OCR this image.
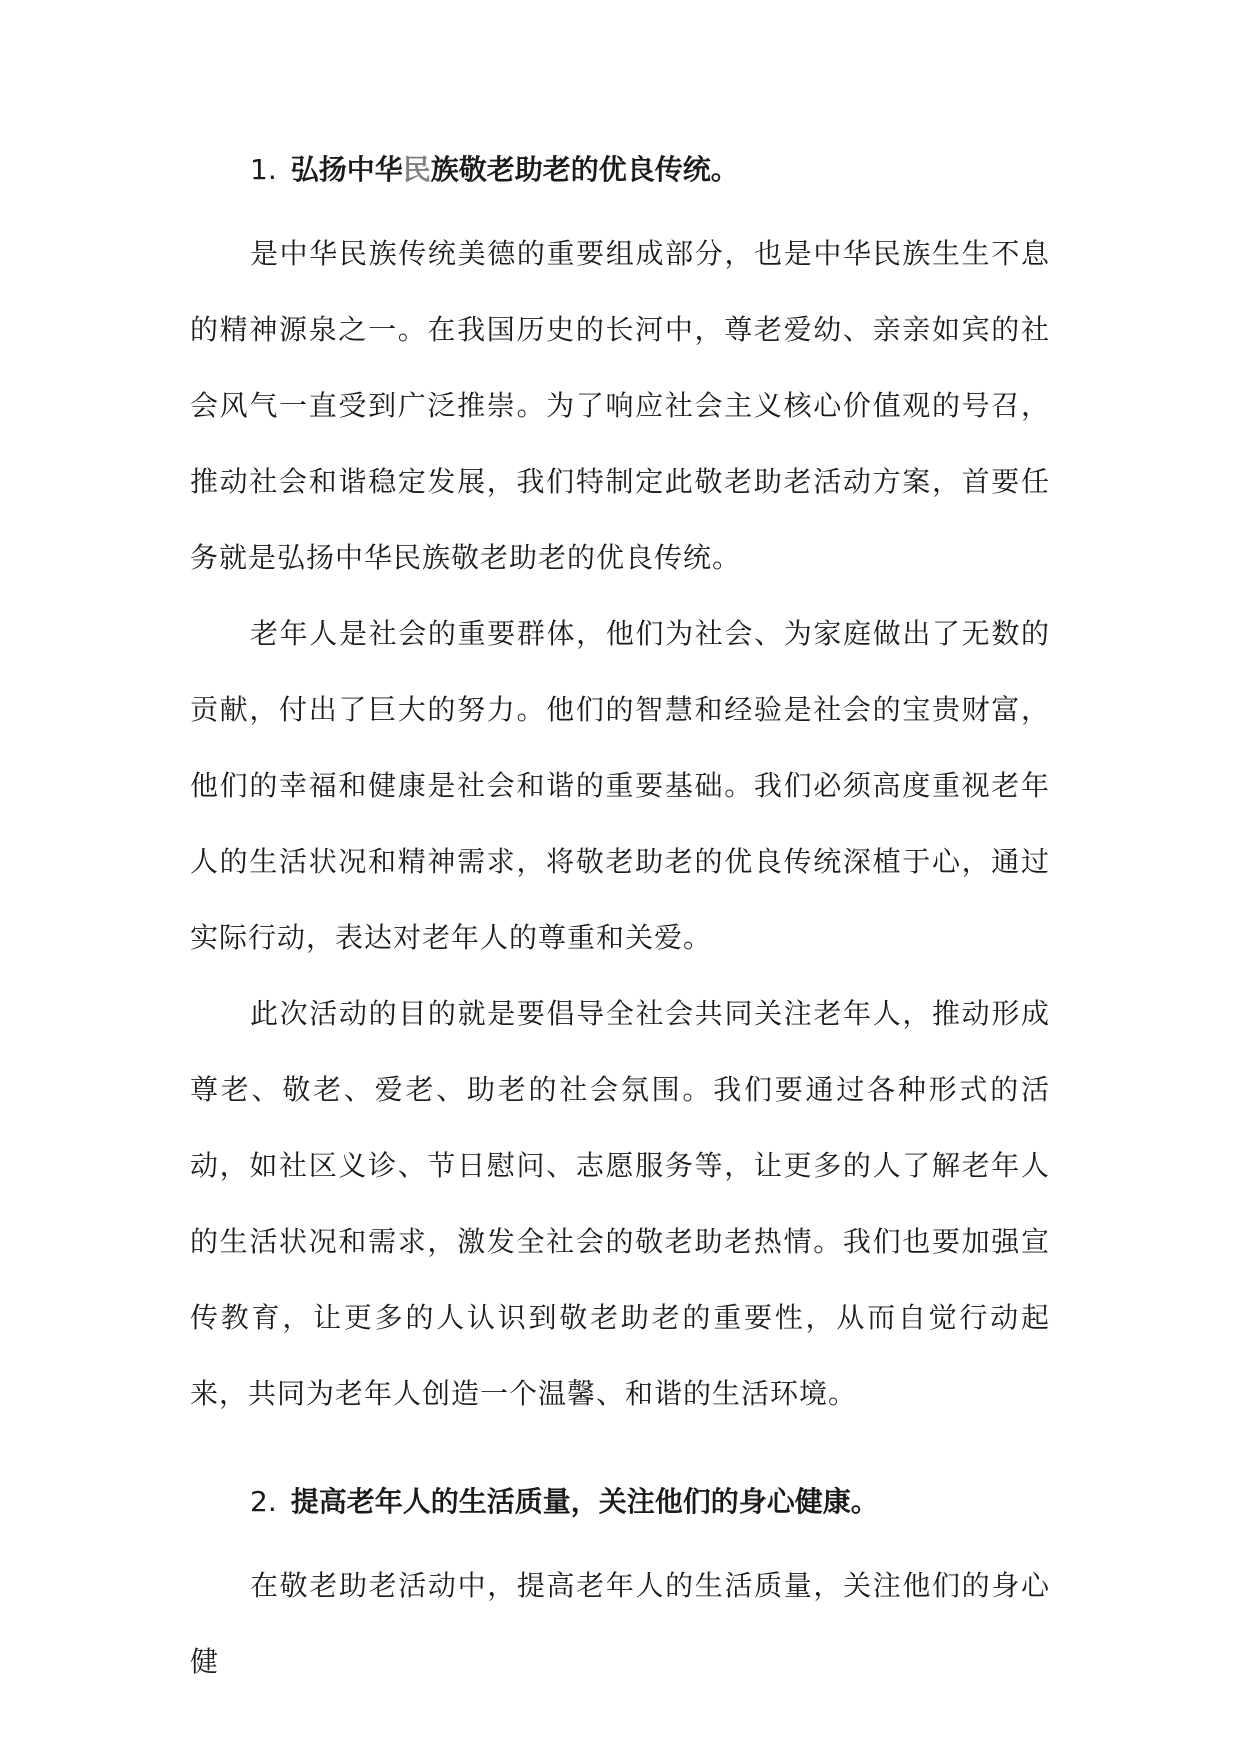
1. 弘扬中华民族敬老助老的优良传统。

是中华民族传统美德的重要组成部分，也是中华民族生生不息的精神源泉之一。在我国历史的长河中，尊老爱幼、亲亲如宾的社会风气一直受到广泛推崇。为了响应社会主义核心价值观的号召，推动社会和谐稳定发展，我们特制定此敬老助老活动方案，首要任务就是弘扬中华民族敬老助老的优良传统。

老年人是社会的重要群体，他们为社会、为家庭做出了无数的贡献，付出了巨大的努力。他们的智慧和经验是社会的宝贵财富，他们的幸福和健康是社会和谐的重要基础。我们必须高度重视老年人的生活状况和精神需求，将敬老助老的优良传统深植于心，通过实际行动，表达对老年人的尊重和关爱。

此次活动的目的就是要倡导全社会共同关注老年人，推动形成尊老、敬老、爱老、助老的社会氛围。我们要通过各种形式的活动，如社区义诊、节日慰问、志愿服务等，让更多的人了解老年人的生活状况和需求，激发全社会的敬老助老热情。我们也要加强宣传教育，让更多的人认识到敬老助老的重要性，从而自觉行动起来，共同为老年人创造一个温馨、和谐的生活环境。

2. 提高老年人的生活质量，关注他们的身心健康。

在敬老助老活动中，提高老年人的生活质量，关注他们的身心健
